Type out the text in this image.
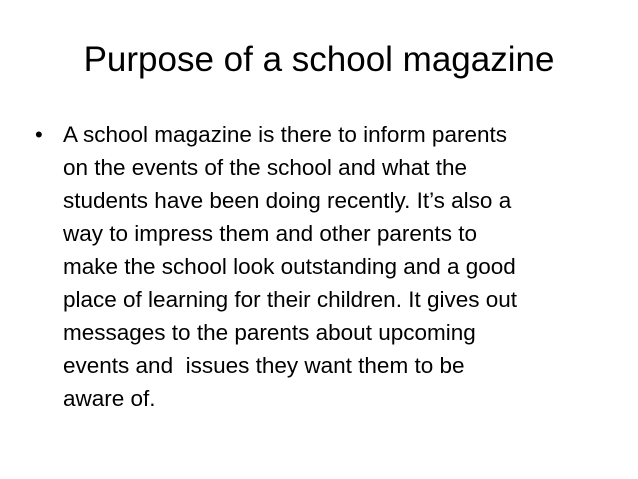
Purpose of a school magazine
• A school magazine is there to inform parents
on the events of the school and what the
students have been doing recently. It’s also a
way to impress them and other parents to
make the school look outstanding and a good
place of learning for their children. It gives out
messages to the parents about upcoming
events and  issues they want them to be
aware of.
